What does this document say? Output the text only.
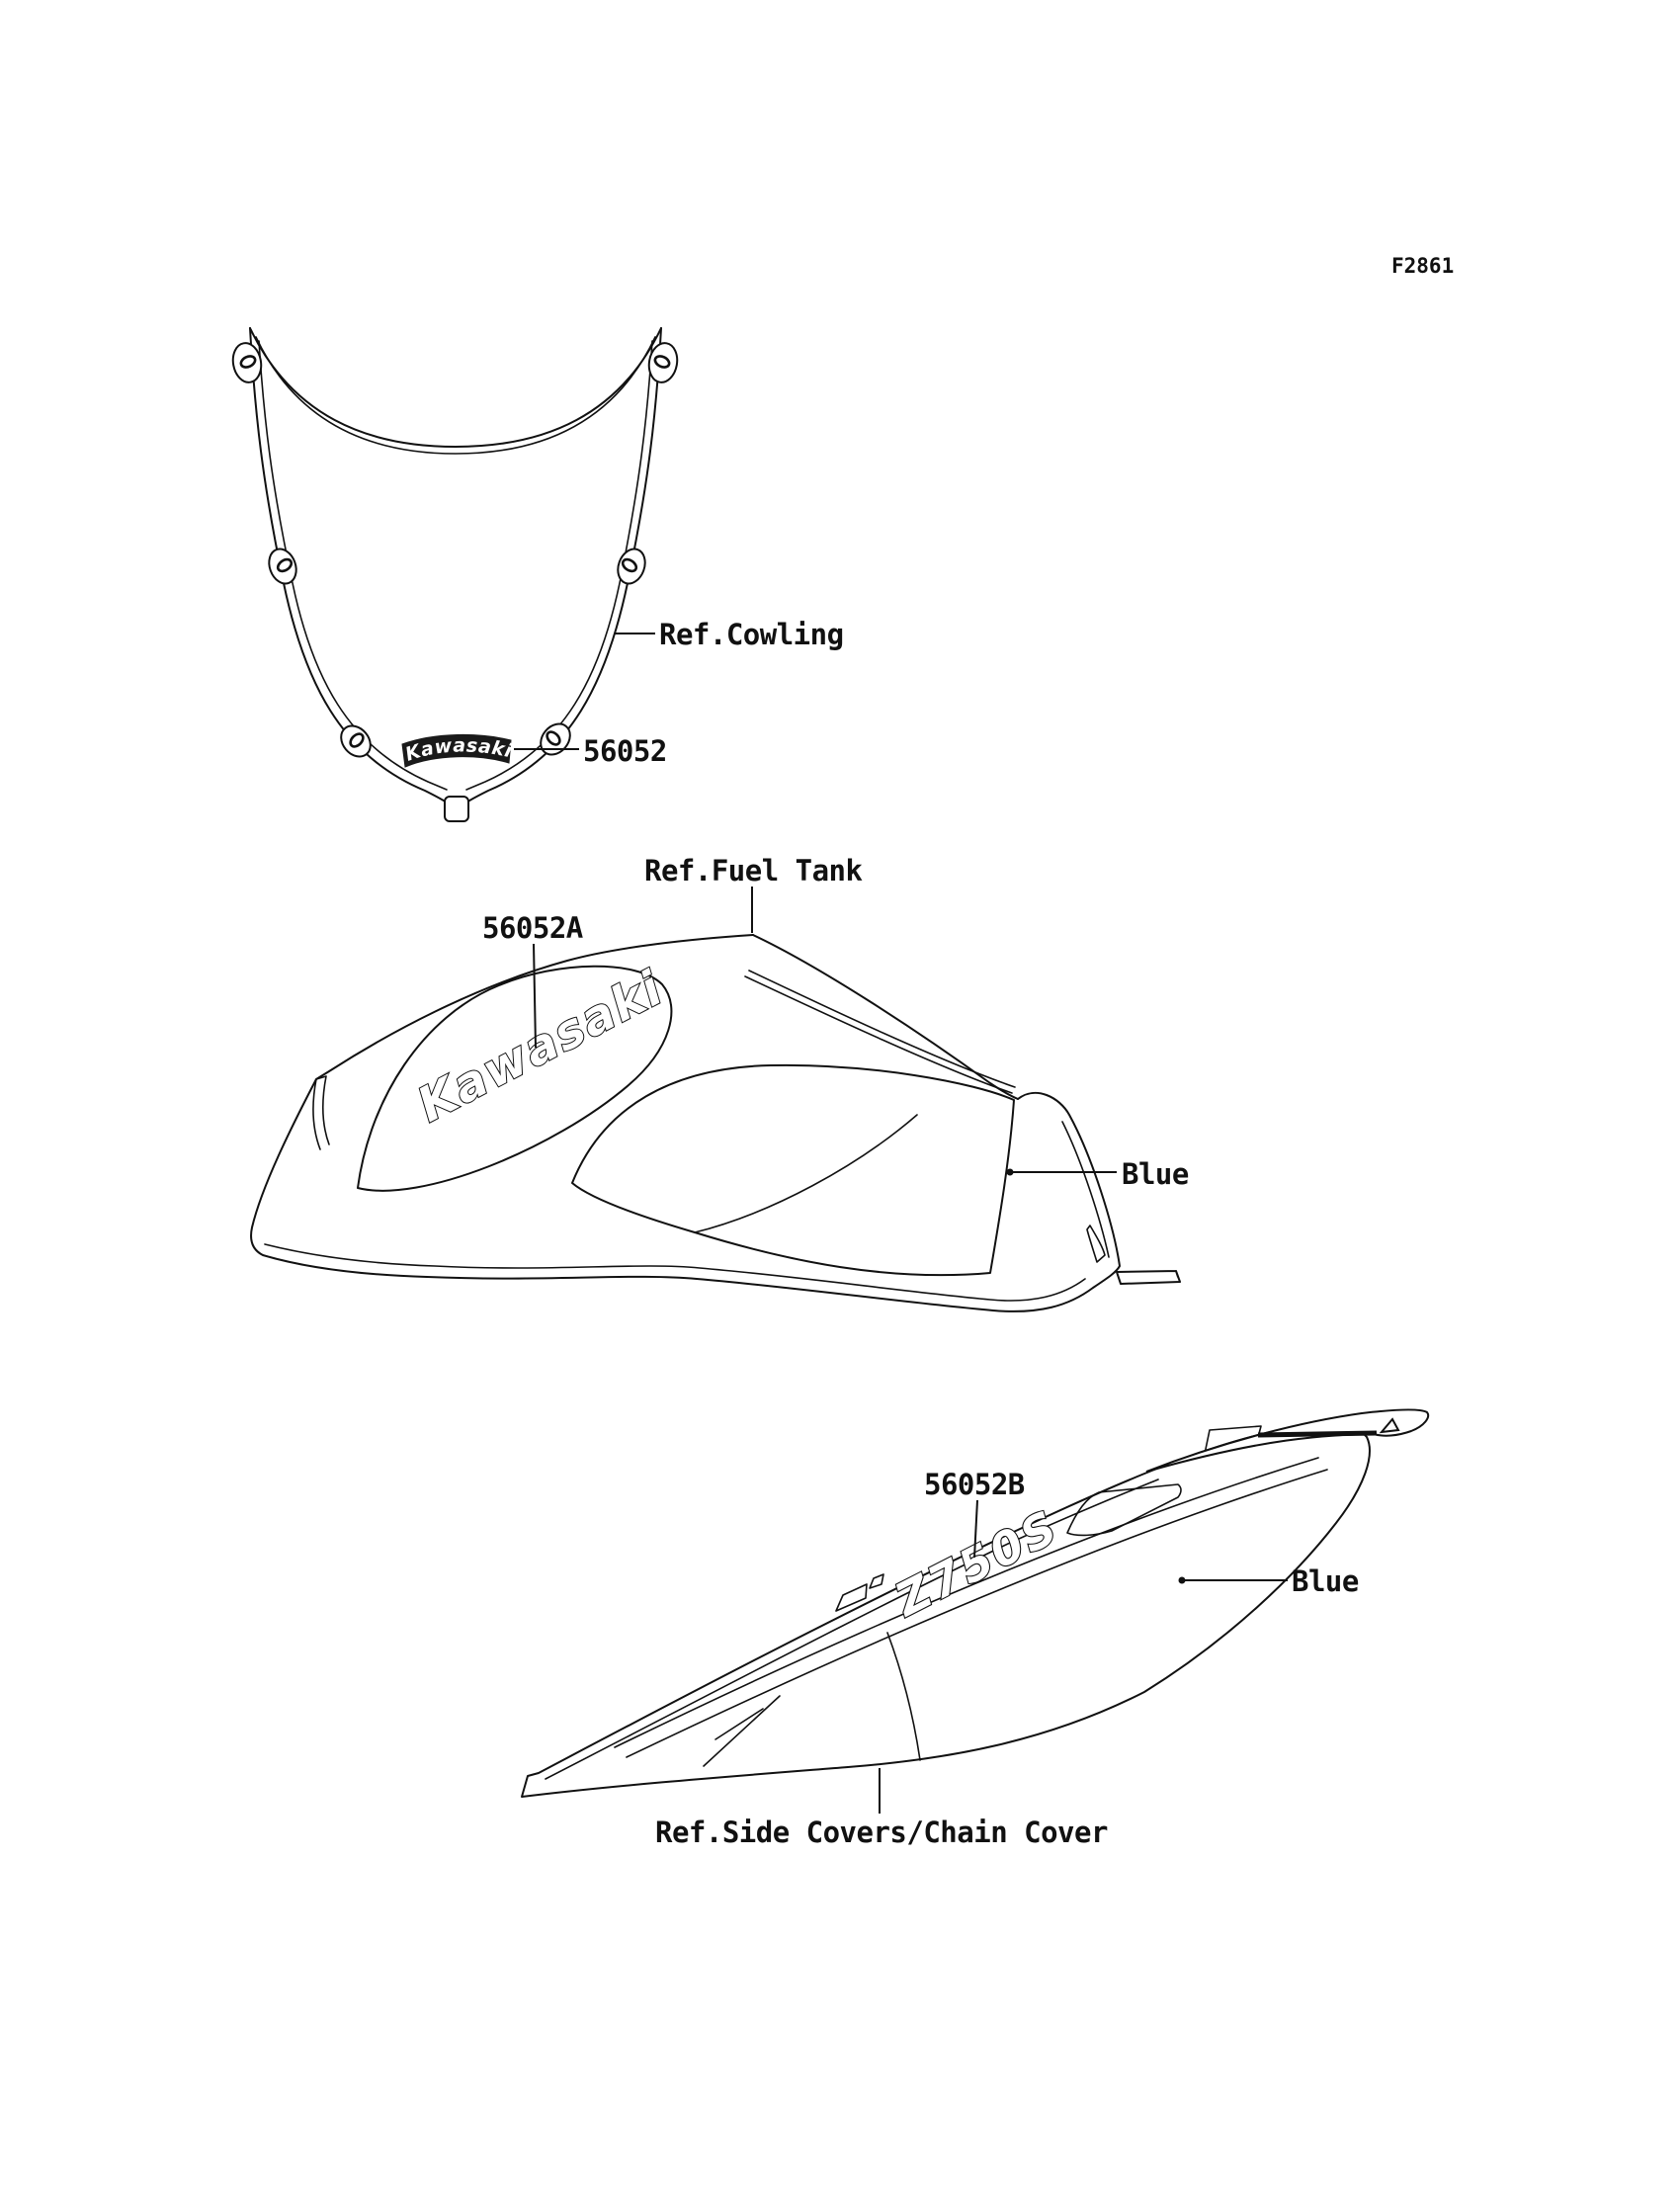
F2861
Kawasaki
Ref.Cowling
56052
Kawasaki
Ref.Fuel Tank
56052A
Blue
Z750S
56052B
Blue
Ref.Side Covers/Chain Cover
